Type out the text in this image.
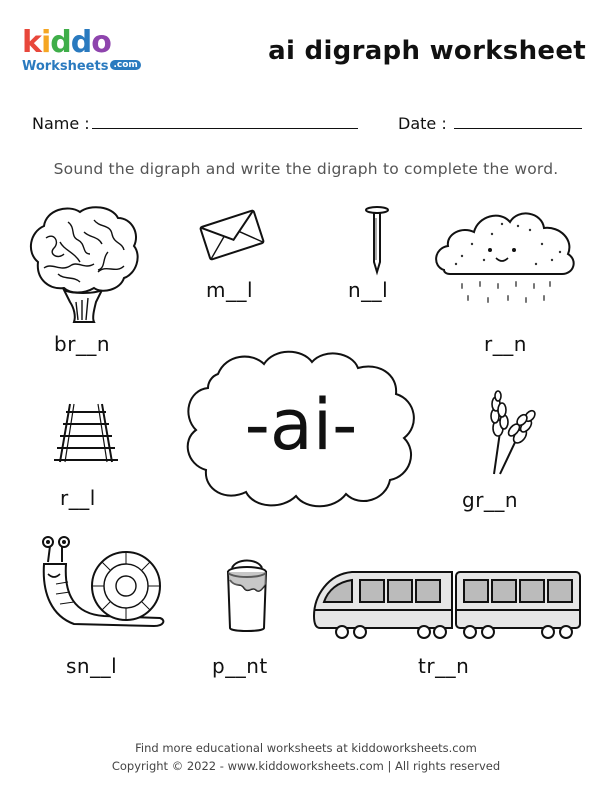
kiddo
Worksheets $^{.com}$	ai digraph worksheet
Name :	Date :
Sound the digraph and write the digraph to complete the word.
br__n
m__l	n__l
r__n
-ai-
r__l	gr__n
sn__l	p__nt	tr__n
Find more educational worksheets at kiddoworksheets.com
Copyright © 2022 - www.kiddoworksheets.com | All rights reserved
